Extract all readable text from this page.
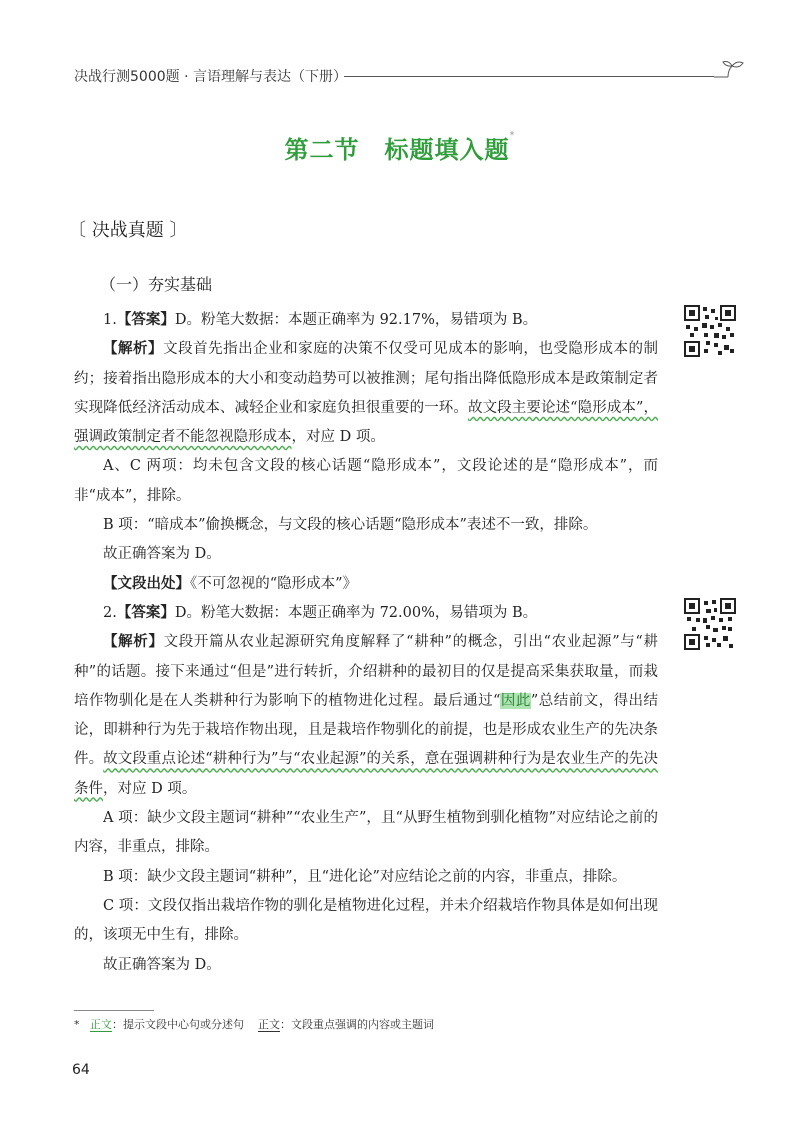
决战行测5000题 · 言语理解与表达（下册）
第二节　标题填入题*
〔 决战真题 〕
（一）夯实基础

1.【答案】D。粉笔大数据：本题正确率为 92.17%，易错项为 B。

【解析】文段首先指出企业和家庭的决策不仅受可见成本的影响，也受隐形成本的制约；接着指出隐形成本的大小和变动趋势可以被推测；尾句指出降低隐形成本是政策制定者实现降低经济活动成本、减轻企业和家庭负担很重要的一环。故文段主要论述“隐形成本”，强调政策制定者不能忽视隐形成本，对应 D 项。

A、C 两项：均未包含文段的核心话题“隐形成本”，文段论述的是“隐形成本”，而非“成本”，排除。

B 项：“暗成本”偷换概念，与文段的核心话题“隐形成本”表述不一致，排除。

故正确答案为 D。

【文段出处】《不可忽视的“隐形成本”》

2.【答案】D。粉笔大数据：本题正确率为 72.00%，易错项为 B。

【解析】文段开篇从农业起源研究角度解释了“耕种”的概念，引出“农业起源”与“耕种”的话题。接下来通过“但是”进行转折，介绍耕种的最初目的仅是提高采集获取量，而栽培作物驯化是在人类耕种行为影响下的植物进化过程。最后通过“因此”总结前文，得出结论，即耕种行为先于栽培作物出现，且是栽培作物驯化的前提，也是形成农业生产的先决条件。故文段重点论述“耕种行为”与“农业起源”的关系，意在强调耕种行为是农业生产的先决条件，对应 D 项。

A 项：缺少文段主题词“耕种”“农业生产”，且“从野生植物到驯化植物”对应结论之前的内容，非重点，排除。

B 项：缺少文段主题词“耕种”，且“进化论”对应结论之前的内容，非重点，排除。

C 项：文段仅指出栽培作物的驯化是植物进化过程，并未介绍栽培作物具体是如何出现的，该项无中生有，排除。

故正确答案为 D。

* 正文：提示文段中心句或分述句 正文：文段重点强调的内容或主题词
64
